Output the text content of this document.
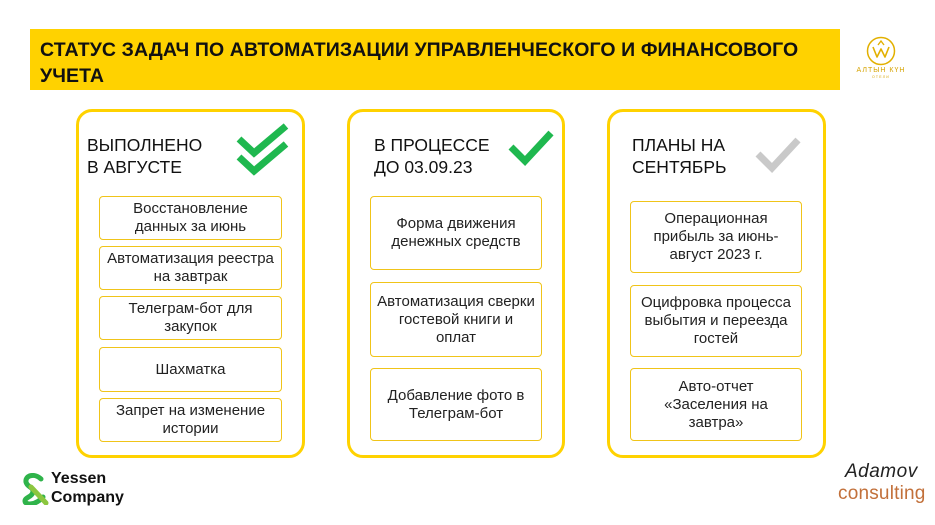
СТАТУС ЗАДАЧ ПО АВТОМАТИЗАЦИИ УПРАВЛЕНЧЕСКОГО И ФИНАНСОВОГО УЧЕТА	АЛТЫН КҮН
ОТЕЛИ
ВЫПОЛНЕНО
В АВГУСТЕ
Восстановление данных за июнь
Автоматизация реестра на завтрак
Телеграм-бот для закупок
Шахматка
Запрет на изменение истории
В ПРОЦЕССЕ
ДО 03.09.23
Форма движения денежных средств
Автоматизация сверки гостевой книги и оплат
Добавление фото в Телеграм-бот
ПЛАНЫ НА
СЕНТЯБРЬ
Операционная прибыль за июнь-август 2023 г.
Оцифровка процесса выбытия и переезда гостей
Авто-отчет «Заселения на завтра»
Yessen
Company
Adamov
consulting
